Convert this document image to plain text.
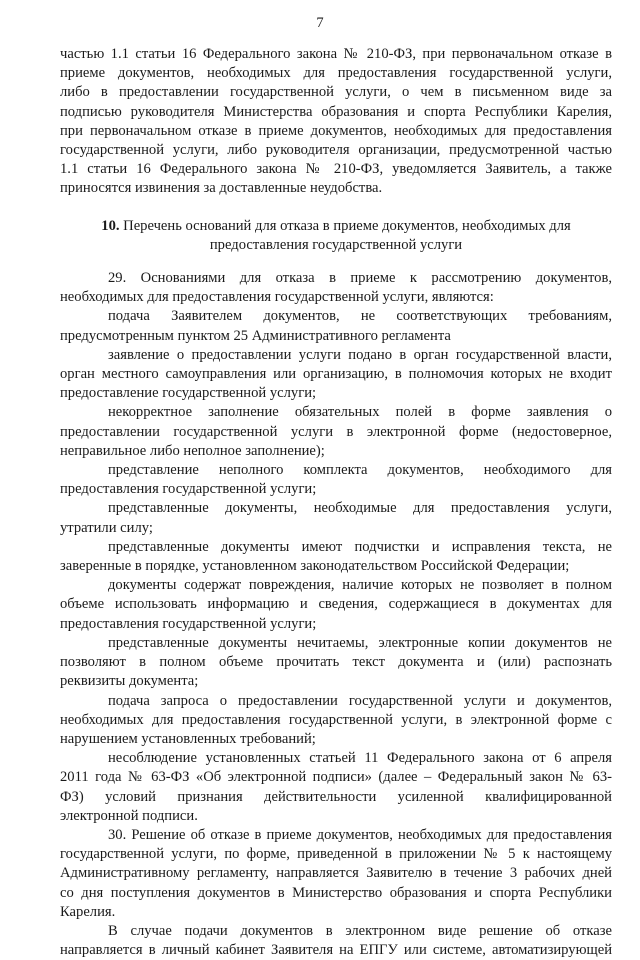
7
частью 1.1 статьи 16 Федерального закона № 210-ФЗ, при первоначальном отказе в
приеме документов, необходимых для предоставления государственной услуги,
либо в предоставлении государственной услуги, о чем в письменном виде за
подписью руководителя Министерства образования и спорта Республики Карелия,
при первоначальном отказе в приеме документов, необходимых для предоставления
государственной услуги, либо руководителя организации, предусмотренной частью
1.1 статьи 16 Федерального закона № 210-ФЗ, уведомляется Заявитель, а также
приносятся извинения за доставленные неудобства.
10. Перечень оснований для отказа в приеме документов, необходимых для
предоставления государственной услуги
29. Основаниями для отказа в приеме к рассмотрению документов,
необходимых для предоставления государственной услуги, являются:
подача Заявителем документов, не соответствующих требованиям,
предусмотренным пунктом 25 Административного регламента
заявление о предоставлении услуги подано в орган государственной власти,
орган местного самоуправления или организацию, в полномочия которых не входит
предоставление государственной услуги;
некорректное заполнение обязательных полей в форме заявления о
предоставлении государственной услуги в электронной форме (недостоверное,
неправильное либо неполное заполнение);
представление неполного комплекта документов, необходимого для
предоставления государственной услуги;
представленные документы, необходимые для предоставления услуги,
утратили силу;
представленные документы имеют подчистки и исправления текста, не
заверенные в порядке, установленном законодательством Российской Федерации;
документы содержат повреждения, наличие которых не позволяет в полном
объеме использовать информацию и сведения, содержащиеся в документах для
предоставления государственной услуги;
представленные документы нечитаемы, электронные копии документов не
позволяют в полном объеме прочитать текст документа и (или) распознать
реквизиты документа;
подача запроса о предоставлении государственной услуги и документов,
необходимых для предоставления государственной услуги, в электронной форме с
нарушением установленных требований;
несоблюдение установленных статьей 11 Федерального закона от 6 апреля
2011 года № 63-ФЗ «Об электронной подписи» (далее – Федеральный закон № 63-
ФЗ) условий признания действительности усиленной квалифицированной
электронной подписи.
30. Решение об отказе в приеме документов, необходимых для предоставления
государственной услуги, по форме, приведенной в приложении № 5 к настоящему
Административному регламенту, направляется Заявителю в течение 3 рабочих дней
со дня поступления документов в Министерство образования и спорта Республики
Карелия.
В случае подачи документов в электронном виде решение об отказе
направляется в личный кабинет Заявителя на ЕПГУ или системе, автоматизирующей
